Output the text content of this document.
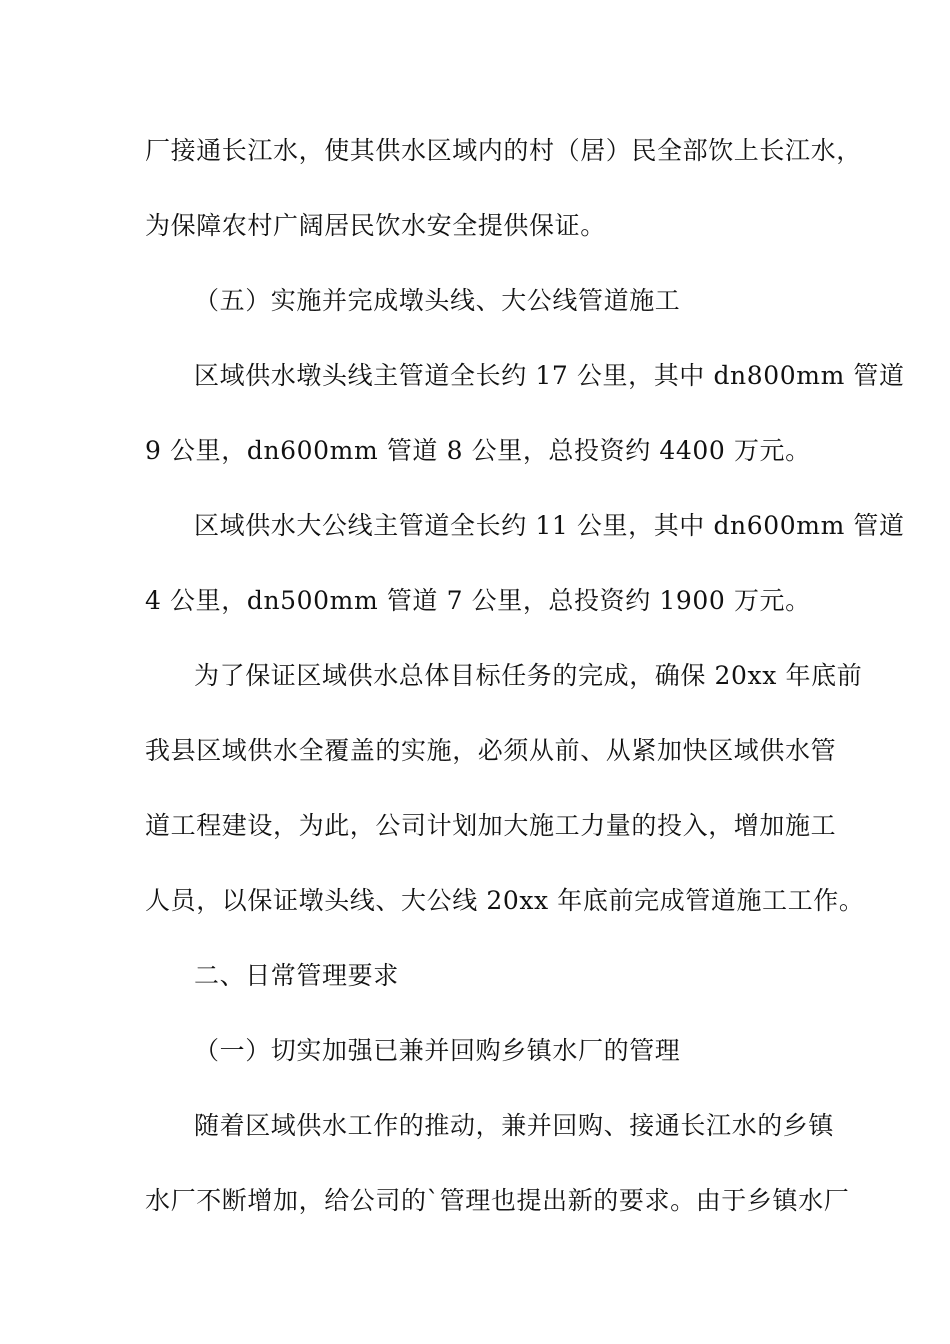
厂接通长江水，使其供水区域内的村（居）民全部饮上长江水，
为保障农村广阔居民饮水安全提供保证。
（五）实施并完成墩头线、大公线管道施工
区域供水墩头线主管道全长约 17 公里，其中 dn800mm 管道
9 公里，dn600mm 管道 8 公里，总投资约 4400 万元。
区域供水大公线主管道全长约 11 公里，其中 dn600mm 管道
4 公里，dn500mm 管道 7 公里，总投资约 1900 万元。
为了保证区域供水总体目标任务的完成，确保 20xx 年底前
我县区域供水全覆盖的实施，必须从前、从紧加快区域供水管
道工程建设，为此，公司计划加大施工力量的投入，增加施工
人员，以保证墩头线、大公线 20xx 年底前完成管道施工工作。
二、日常管理要求
（一）切实加强已兼并回购乡镇水厂的管理
随着区域供水工作的推动，兼并回购、接通长江水的乡镇
水厂不断增加，给公司的`管理也提出新的要求。由于乡镇水厂
